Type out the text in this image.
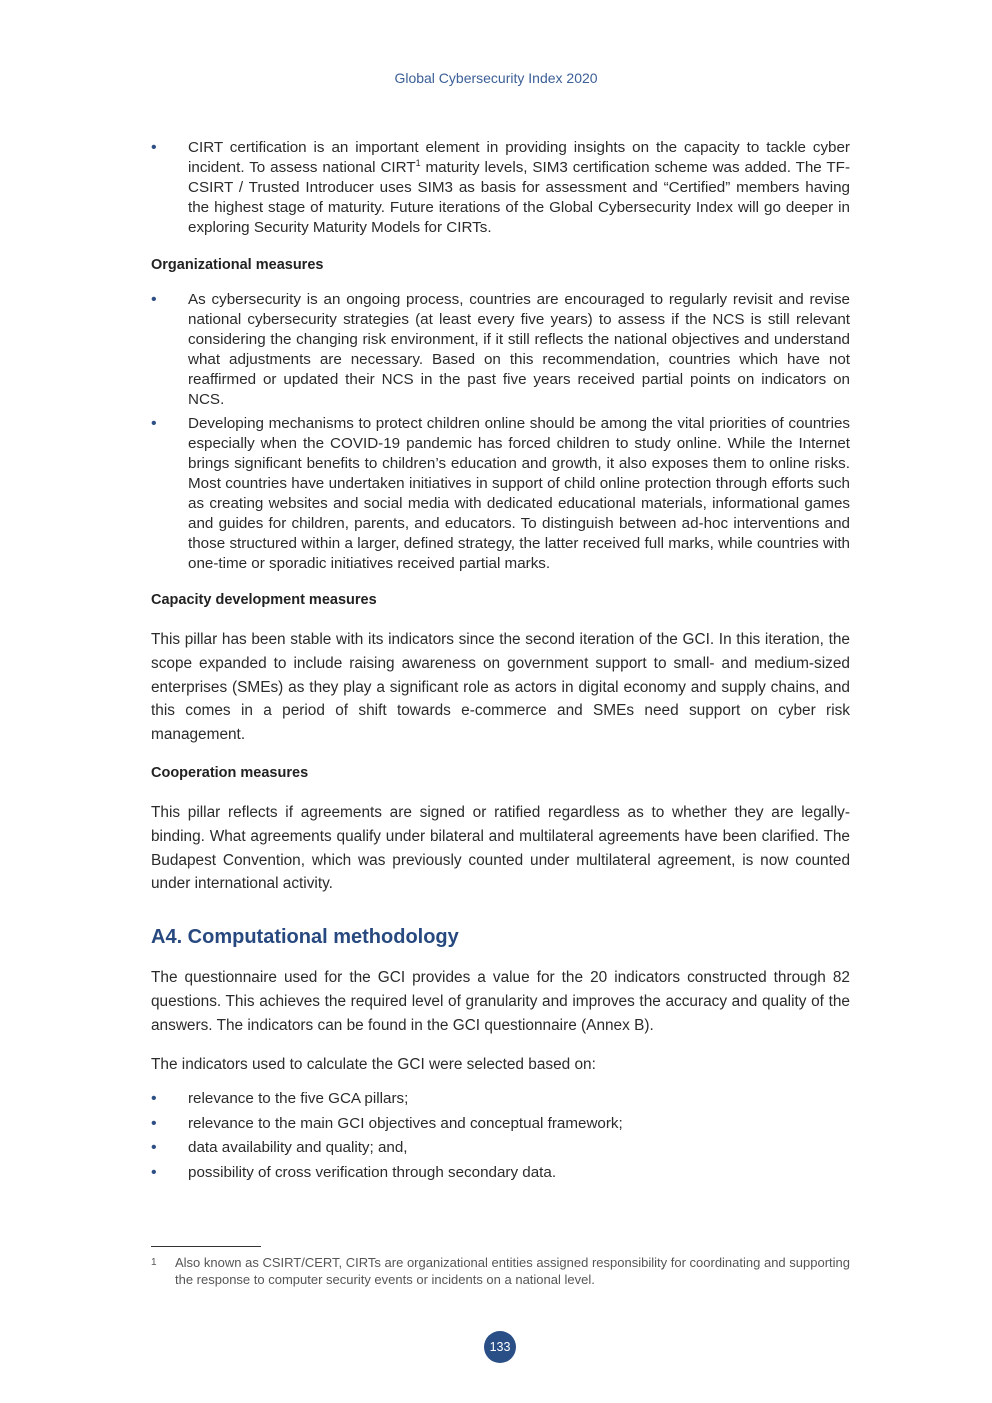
Global Cybersecurity Index 2020
• CIRT certification is an important element in providing insights on the capacity to tackle cyber incident. To assess national CIRT$^1$ maturity levels, SIM3 certification scheme was added. The TF-CSIRT / Trusted Introducer uses SIM3 as basis for assessment and “Certified” members having the highest stage of maturity. Future iterations of the Global Cybersecurity Index will go deeper in exploring Security Maturity Models for CIRTs.
Organizational measures
• As cybersecurity is an ongoing process, countries are encouraged to regularly revisit and revise national cybersecurity strategies (at least every five years) to assess if the NCS is still relevant considering the changing risk environment, if it still reflects the national objectives and understand what adjustments are necessary. Based on this recommendation, countries which have not reaffirmed or updated their NCS in the past five years received partial points on indicators on NCS.
• Developing mechanisms to protect children online should be among the vital priorities of countries especially when the COVID-19 pandemic has forced children to study online. While the Internet brings significant benefits to children’s education and growth, it also exposes them to online risks. Most countries have undertaken initiatives in support of child online protection through efforts such as creating websites and social media with dedicated educational materials, informational games and guides for children, parents, and educators. To distinguish between ad-hoc interventions and those structured within a larger, defined strategy, the latter received full marks, while countries with one-time or sporadic initiatives received partial marks.
Capacity development measures

This pillar has been stable with its indicators since the second iteration of the GCI. In this iteration, the scope expanded to include raising awareness on government support to small- and medium-sized enterprises (SMEs) as they play a significant role as actors in digital economy and supply chains, and this comes in a period of shift towards e-commerce and SMEs need support on cyber risk management.

Cooperation measures

This pillar reflects if agreements are signed or ratified regardless as to whether they are legally-binding. What agreements qualify under bilateral and multilateral agreements have been clarified. The Budapest Convention, which was previously counted under multilateral agreement, is now counted under international activity.

A4. Computational methodology

The questionnaire used for the GCI provides a value for the 20 indicators constructed through 82 questions. This achieves the required level of granularity and improves the accuracy and quality of the answers. The indicators can be found in the GCI questionnaire (Annex B).

The indicators used to calculate the GCI were selected based on:

• relevance to the five GCA pillars;
• relevance to the main GCI objectives and conceptual framework;
• data availability and quality; and,
• possibility of cross verification through secondary data.
1	Also known as CSIRT/CERT, CIRTs are organizational entities assigned responsibility for coordinating and supporting the response to computer security events or incidents on a national level.
133
